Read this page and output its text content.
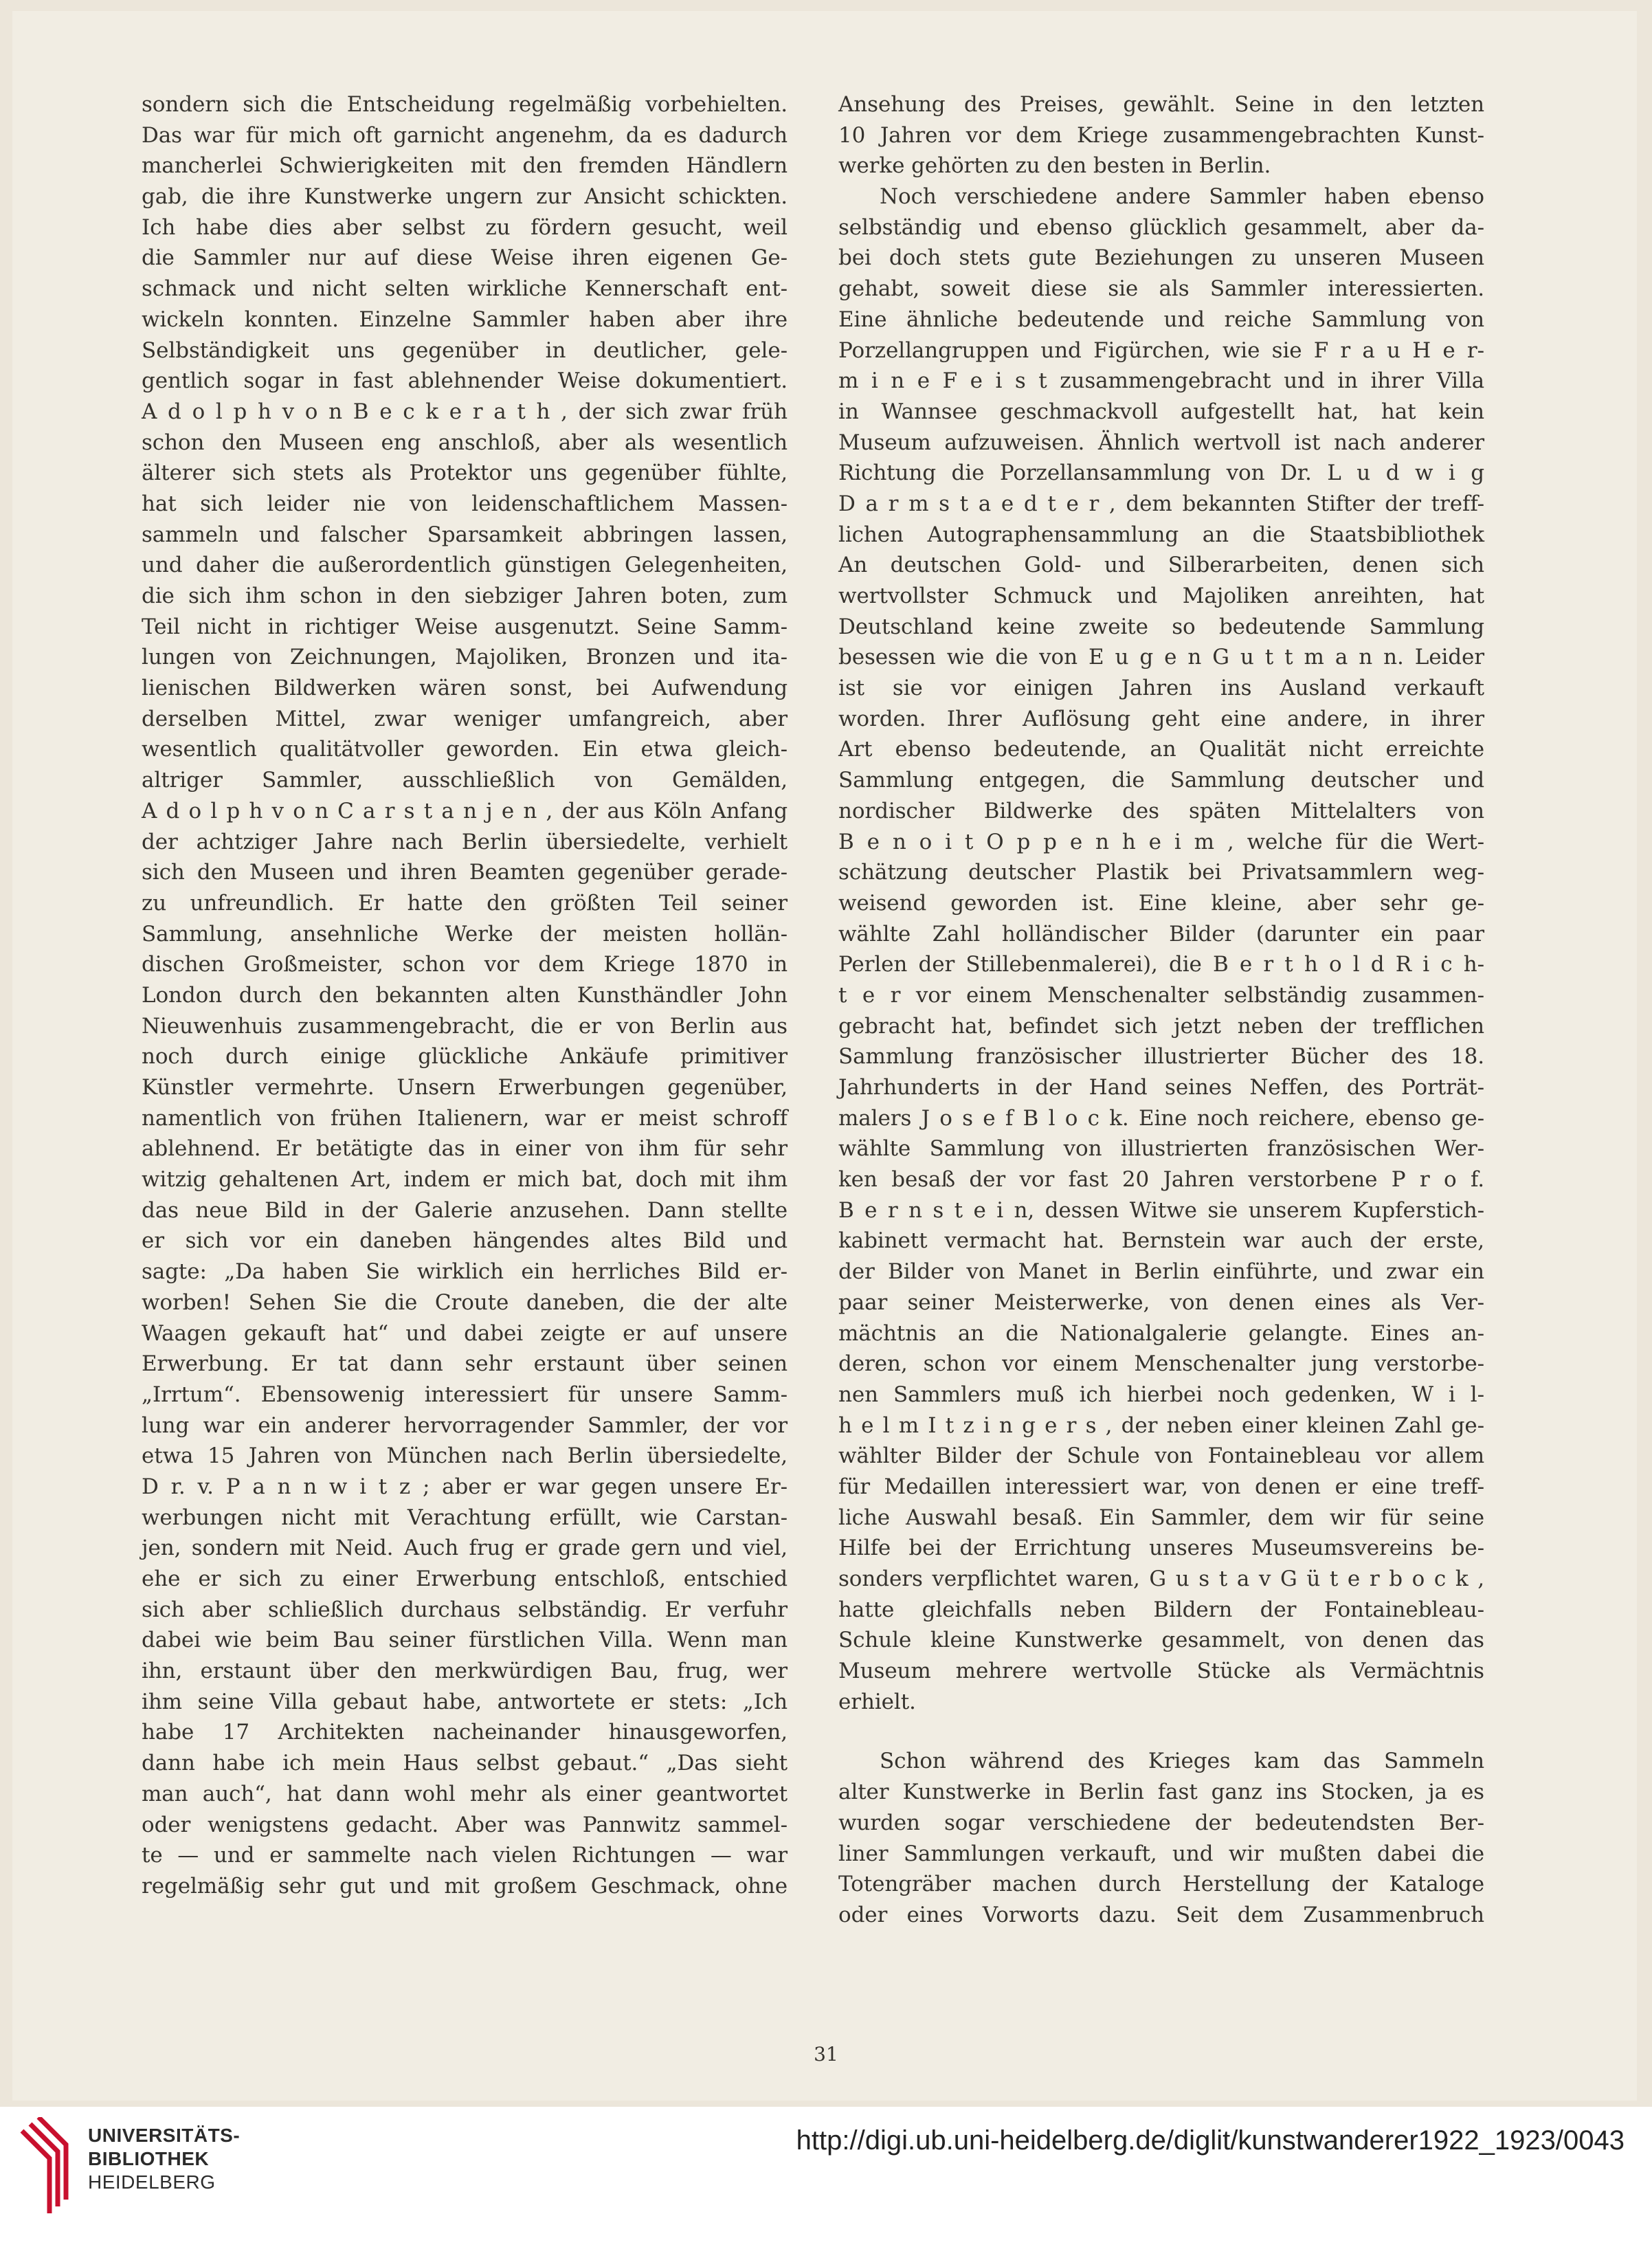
sondern sich die Entscheidung regelmäßig vorbehielten.
Das war für mich oft garnicht angenehm, da es dadurch
mancherlei Schwierigkeiten mit den fremden Händlern
gab, die ihre Kunstwerke ungern zur Ansicht schickten.
Ich habe dies aber selbst zu fördern gesucht, weil
die Sammler nur auf diese Weise ihren eigenen Ge-
schmack und nicht selten wirkliche Kennerschaft ent-
wickeln konnten. Einzelne Sammler haben aber ihre
Selbständigkeit uns gegenüber in deutlicher, gele-
gentlich sogar in fast ablehnender Weise dokumentiert.
A d o l p h v o n B e c k e r a t h , der sich zwar früh
schon den Museen eng anschloß, aber als wesentlich
älterer sich stets als Protektor uns gegenüber fühlte,
hat sich leider nie von leidenschaftlichem Massen-
sammeln und falscher Sparsamkeit abbringen lassen,
und daher die außerordentlich günstigen Gelegenheiten,
die sich ihm schon in den siebziger Jahren boten, zum
Teil nicht in richtiger Weise ausgenutzt. Seine Samm-
lungen von Zeichnungen, Majoliken, Bronzen und ita-
lienischen Bildwerken wären sonst, bei Aufwendung
derselben Mittel, zwar weniger umfangreich, aber
wesentlich qualitätvoller geworden. Ein etwa gleich-
altriger Sammler, ausschließlich von Gemälden,
A d o l p h v o n C a r s t a n j e n , der aus Köln Anfang
der achtziger Jahre nach Berlin übersiedelte, verhielt
sich den Museen und ihren Beamten gegenüber gerade-
zu unfreundlich. Er hatte den größten Teil seiner
Sammlung, ansehnliche Werke der meisten hollän-
dischen Großmeister, schon vor dem Kriege 1870 in
London durch den bekannten alten Kunsthändler John
Nieuwenhuis zusammengebracht, die er von Berlin aus
noch durch einige glückliche Ankäufe primitiver
Künstler vermehrte. Unsern Erwerbungen gegenüber,
namentlich von frühen Italienern, war er meist schroff
ablehnend. Er betätigte das in einer von ihm für sehr
witzig gehaltenen Art, indem er mich bat, doch mit ihm
das neue Bild in der Galerie anzusehen. Dann stellte
er sich vor ein daneben hängendes altes Bild und
sagte: „Da haben Sie wirklich ein herrliches Bild er-
worben! Sehen Sie die Croute daneben, die der alte
Waagen gekauft hat“ und dabei zeigte er auf unsere
Erwerbung. Er tat dann sehr erstaunt über seinen
„Irrtum“. Ebensowenig interessiert für unsere Samm-
lung war ein anderer hervorragender Sammler, der vor
etwa 15 Jahren von München nach Berlin übersiedelte,
D r. v. P a n n w i t z ; aber er war gegen unsere Er-
werbungen nicht mit Verachtung erfüllt, wie Carstan-
jen, sondern mit Neid. Auch frug er grade gern und viel,
ehe er sich zu einer Erwerbung entschloß, entschied
sich aber schließlich durchaus selbständig. Er verfuhr
dabei wie beim Bau seiner fürstlichen Villa. Wenn man
ihn, erstaunt über den merkwürdigen Bau, frug, wer
ihm seine Villa gebaut habe, antwortete er stets: „Ich
habe 17 Architekten nacheinander hinausgeworfen,
dann habe ich mein Haus selbst gebaut.“ „Das sieht
man auch“, hat dann wohl mehr als einer geantwortet
oder wenigstens gedacht. Aber was Pannwitz sammel-
te — und er sammelte nach vielen Richtungen — war
regelmäßig sehr gut und mit großem Geschmack, ohne
Ansehung des Preises, gewählt. Seine in den letzten
10 Jahren vor dem Kriege zusammengebrachten Kunst-
werke gehörten zu den besten in Berlin.
Noch verschiedene andere Sammler haben ebenso
selbständig und ebenso glücklich gesammelt, aber da-
bei doch stets gute Beziehungen zu unseren Museen
gehabt, soweit diese sie als Sammler interessierten.
Eine ähnliche bedeutende und reiche Sammlung von
Porzellangruppen und Figürchen, wie sie F r a u H e r-
m i n e F e i s t zusammengebracht und in ihrer Villa
in Wannsee geschmackvoll aufgestellt hat, hat kein
Museum aufzuweisen. Ähnlich wertvoll ist nach anderer
Richtung die Porzellansammlung von Dr. L u d w i g
D a r m s t a e d t e r , dem bekannten Stifter der treff-
lichen Autographensammlung an die Staatsbibliothek
An deutschen Gold- und Silberarbeiten, denen sich
wertvollster Schmuck und Majoliken anreihten, hat
Deutschland keine zweite so bedeutende Sammlung
besessen wie die von E u g e n G u t t m a n n. Leider
ist sie vor einigen Jahren ins Ausland verkauft
worden. Ihrer Auflösung geht eine andere, in ihrer
Art ebenso bedeutende, an Qualität nicht erreichte
Sammlung entgegen, die Sammlung deutscher und
nordischer Bildwerke des späten Mittelalters von
B e n o i t O p p e n h e i m , welche für die Wert-
schätzung deutscher Plastik bei Privatsammlern weg-
weisend geworden ist. Eine kleine, aber sehr ge-
wählte Zahl holländischer Bilder (darunter ein paar
Perlen der Stillebenmalerei), die B e r t h o l d R i c h-
t e r vor einem Menschenalter selbständig zusammen-
gebracht hat, befindet sich jetzt neben der trefflichen
Sammlung französischer illustrierter Bücher des 18.
Jahrhunderts in der Hand seines Neffen, des Porträt-
malers J o s e f B l o c k. Eine noch reichere, ebenso ge-
wählte Sammlung von illustrierten französischen Wer-
ken besaß der vor fast 20 Jahren verstorbene P r o f.
B e r n s t e i n, dessen Witwe sie unserem Kupferstich-
kabinett vermacht hat. Bernstein war auch der erste,
der Bilder von Manet in Berlin einführte, und zwar ein
paar seiner Meisterwerke, von denen eines als Ver-
mächtnis an die Nationalgalerie gelangte. Eines an-
deren, schon vor einem Menschenalter jung verstorbe-
nen Sammlers muß ich hierbei noch gedenken, W i l-
h e l m I t z i n g e r s , der neben einer kleinen Zahl ge-
wählter Bilder der Schule von Fontainebleau vor allem
für Medaillen interessiert war, von denen er eine treff-
liche Auswahl besaß. Ein Sammler, dem wir für seine
Hilfe bei der Errichtung unseres Museumsvereins be-
sonders verpflichtet waren, G u s t a v G ü t e r b o c k ,
hatte gleichfalls neben Bildern der Fontainebleau-
Schule kleine Kunstwerke gesammelt, von denen das
Museum mehrere wertvolle Stücke als Vermächtnis
erhielt.
Schon während des Krieges kam das Sammeln
alter Kunstwerke in Berlin fast ganz ins Stocken, ja es
wurden sogar verschiedene der bedeutendsten Ber-
liner Sammlungen verkauft, und wir mußten dabei die
Totengräber machen durch Herstellung der Kataloge
oder eines Vorworts dazu. Seit dem Zusammenbruch
31
UNIVERSITÄTS-
BIBLIOTHEK
HEIDELBERG
http://digi.ub.uni-heidelberg.de/diglit/kunstwanderer1922_1923/0043
